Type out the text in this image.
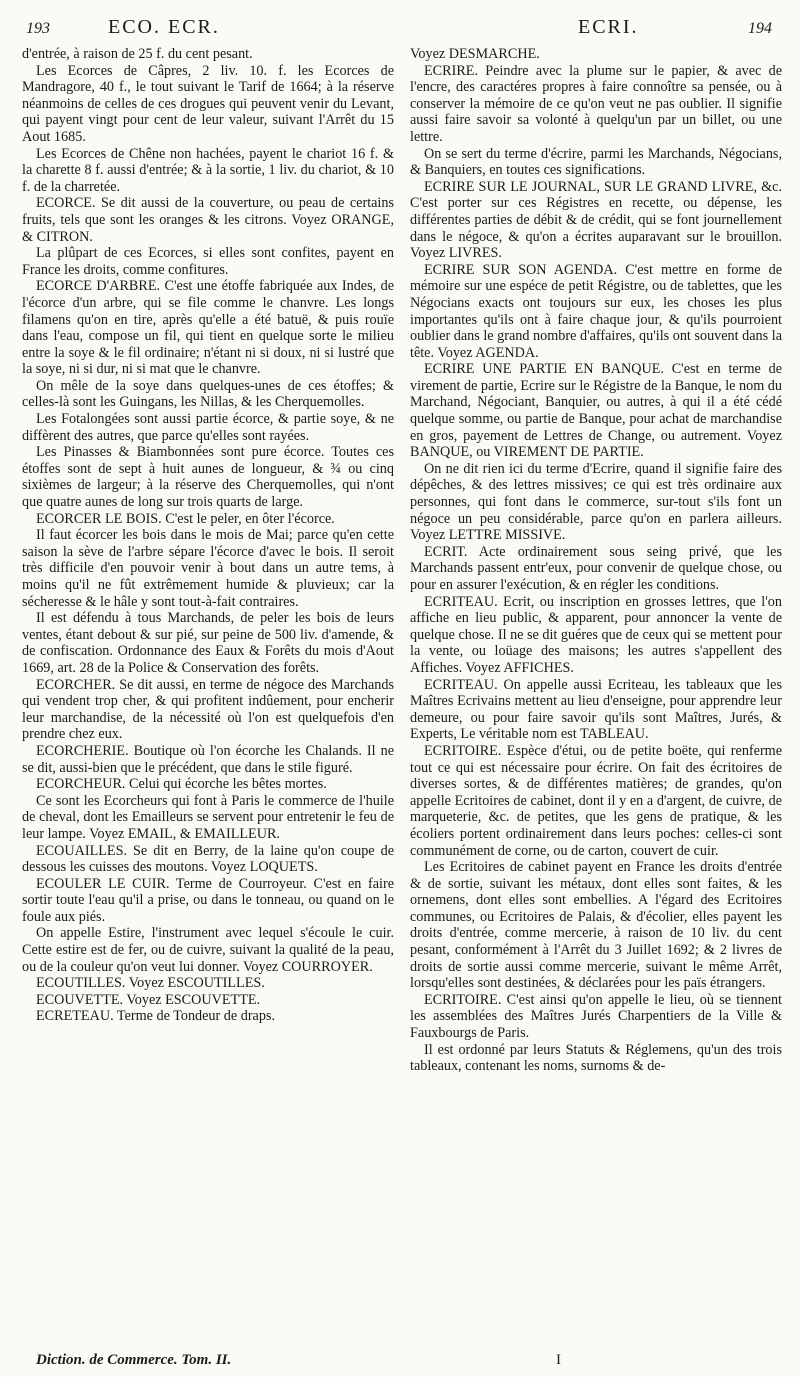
193	ECO. ECR.	ECRI.	194

d'entrée, à raison de 25 f. du cent pesant.

Les Ecorces de Câpres, 2 liv. 10. f. les Ecorces de Mandragore, 40 f., le tout suivant le Tarif de 1664; à la réserve néanmoins de celles de ces drogues qui peuvent venir du Levant, qui payent vingt pour cent de leur valeur, suivant l'Arrêt du 15 Aout 1685.

Les Ecorces de Chêne non hachées, payent le chariot 16 f. & la charette 8 f. aussi d'entrée; & à la sortie, 1 liv. du chariot, & 10 f. de la charretée.

ECORCE. Se dit aussi de la couverture, ou peau de certains fruits, tels que sont les oranges & les citrons. Voyez ORANGE, & CITRON.

La plûpart de ces Ecorces, si elles sont confites, payent en France les droits, comme confitures.

ECORCE D'ARBRE. C'est une étoffe fabriquée aux Indes, de l'écorce d'un arbre, qui se file comme le chanvre. Les longs filamens qu'on en tire, après qu'elle a été batuë, & puis rouïe dans l'eau, compose un fil, qui tient en quelque sorte le milieu entre la soye & le fil ordinaire; n'étant ni si doux, ni si lustré que la soye, ni si dur, ni si mat que le chanvre.

On mêle de la soye dans quelques-unes de ces étoffes; & celles-là sont les Guingans, les Nillas, & les Cherquemolles.

Les Fotalongées sont aussi partie écorce, & partie soye, & ne diffèrent des autres, que parce qu'elles sont rayées.

Les Pinasses & Biambonnées sont pure écorce. Toutes ces étoffes sont de sept à huit aunes de longueur, & ¾ ou cinq sixièmes de largeur; à la réserve des Cherquemolles, qui n'ont que quatre aunes de long sur trois quarts de large.

ECORCER LE BOIS. C'est le peler, en ôter l'écorce.

Il faut écorcer les bois dans le mois de Mai; parce qu'en cette saison la sève de l'arbre sépare l'écorce d'avec le bois. Il seroit très difficile d'en pouvoir venir à bout dans un autre tems, à moins qu'il ne fût extrêmement humide & pluvieux; car la sécheresse & le hâle y sont tout-à-fait contraires.

Il est défendu à tous Marchands, de peler les bois de leurs ventes, étant debout & sur pié, sur peine de 500 liv. d'amende, & de confiscation. Ordonnance des Eaux & Forêts du mois d'Aout 1669, art. 28 de la Police & Conservation des forêts.

ECORCHER. Se dit aussi, en terme de négoce des Marchands qui vendent trop cher, & qui profitent indûement, pour encherir leur marchandise, de la nécessité où l'on est quelquefois d'en prendre chez eux.

ECORCHERIE. Boutique où l'on écorche les Chalands. Il ne se dit, aussi-bien que le précédent, que dans le stile figuré.

ECORCHEUR. Celui qui écorche les bêtes mortes.

Ce sont les Ecorcheurs qui font à Paris le commerce de l'huile de cheval, dont les Emailleurs se servent pour entretenir le feu de leur lampe. Voyez EMAIL, & EMAILLEUR.

ECOUAILLES. Se dit en Berry, de la laine qu'on coupe de dessous les cuisses des moutons. Voyez LOQUETS.

ECOULER LE CUIR. Terme de Courroyeur. C'est en faire sortir toute l'eau qu'il a prise, ou dans le tonneau, ou quand on le foule aux piés.

On appelle Estire, l'instrument avec lequel s'écoule le cuir. Cette estire est de fer, ou de cuivre, suivant la qualité de la peau, ou de la couleur qu'on veut lui donner. Voyez COURROYER.

ECOUTILLES. Voyez ESCOUTILLES.

ECOUVETTE. Voyez ESCOUVETTE.

ECRETEAU. Terme de Tondeur de draps.

Voyez DESMARCHE.

ECRIRE. Peindre avec la plume sur le papier, & avec de l'encre, des caractéres propres à faire connoître sa pensée, ou à conserver la mémoire de ce qu'on veut ne pas oublier. Il signifie aussi faire savoir sa volonté à quelqu'un par un billet, ou une lettre.

On se sert du terme d'écrire, parmi les Marchands, Négocians, & Banquiers, en toutes ces significations.

ECRIRE SUR LE JOURNAL, SUR LE GRAND LIVRE, &c. C'est porter sur ces Régistres en recette, ou dépense, les différentes parties de débit & de crédit, qui se font journellement dans le négoce, & qu'on a écrites auparavant sur le brouillon. Voyez LIVRES.

ECRIRE SUR SON AGENDA. C'est mettre en forme de mémoire sur une espéce de petit Régistre, ou de tablettes, que les Négocians exacts ont toujours sur eux, les choses les plus importantes qu'ils ont à faire chaque jour, & qu'ils pourroient oublier dans le grand nombre d'affaires, qu'ils ont souvent dans la tête. Voyez AGENDA.

ECRIRE UNE PARTIE EN BANQUE. C'est en terme de virement de partie, Ecrire sur le Régistre de la Banque, le nom du Marchand, Négociant, Banquier, ou autres, à qui il a été cédé quelque somme, ou partie de Banque, pour achat de marchandise en gros, payement de Lettres de Change, ou autrement. Voyez BANQUE, ou VIREMENT DE PARTIE.

On ne dit rien ici du terme d'Ecrire, quand il signifie faire des dépêches, & des lettres missives; ce qui est très ordinaire aux personnes, qui font dans le commerce, sur-tout s'ils font un négoce un peu considérable, parce qu'on en parlera ailleurs. Voyez LETTRE MISSIVE.

ECRIT. Acte ordinairement sous seing privé, que les Marchands passent entr'eux, pour convenir de quelque chose, ou pour en assurer l'exécution, & en régler les conditions.

ECRITEAU. Ecrit, ou inscription en grosses lettres, que l'on affiche en lieu public, & apparent, pour annoncer la vente de quelque chose. Il ne se dit guéres que de ceux qui se mettent pour la vente, ou loüage des maisons; les autres s'appellent des Affiches. Voyez AFFICHES.

ECRITEAU. On appelle aussi Ecriteau, les tableaux que les Maîtres Ecrivains mettent au lieu d'enseigne, pour apprendre leur demeure, ou pour faire savoir qu'ils sont Maîtres, Jurés, & Experts, Le véritable nom est TABLEAU.

ECRITOIRE. Espèce d'étui, ou de petite boëte, qui renferme tout ce qui est nécessaire pour écrire. On fait des écritoires de diverses sortes, & de différentes matières; de grandes, qu'on appelle Ecritoires de cabinet, dont il y en a d'argent, de cuivre, de marqueterie, &c. de petites, que les gens de pratique, & les écoliers portent ordinairement dans leurs poches: celles-ci sont communément de corne, ou de carton, couvert de cuir.

Les Ecritoires de cabinet payent en France les droits d'entrée & de sortie, suivant les métaux, dont elles sont faites, & les ornemens, dont elles sont embellies. A l'égard des Ecritoires communes, ou Ecritoires de Palais, & d'écolier, elles payent les droits d'entrée, comme mercerie, à raison de 10 liv. du cent pesant, conformément à l'Arrêt du 3 Juillet 1692; & 2 livres de droits de sortie aussi comme mercerie, suivant le même Arrêt, lorsqu'elles sont destinées, & déclarées pour les païs étrangers.

ECRITOIRE. C'est ainsi qu'on appelle le lieu, où se tiennent les assemblées des Maîtres Jurés Charpentiers de la Ville & Fauxbourgs de Paris.

Il est ordonné par leurs Statuts & Réglemens, qu'un des trois tableaux, contenant les noms, surnoms & de-

Diction. de Commerce. Tom. II.	I
